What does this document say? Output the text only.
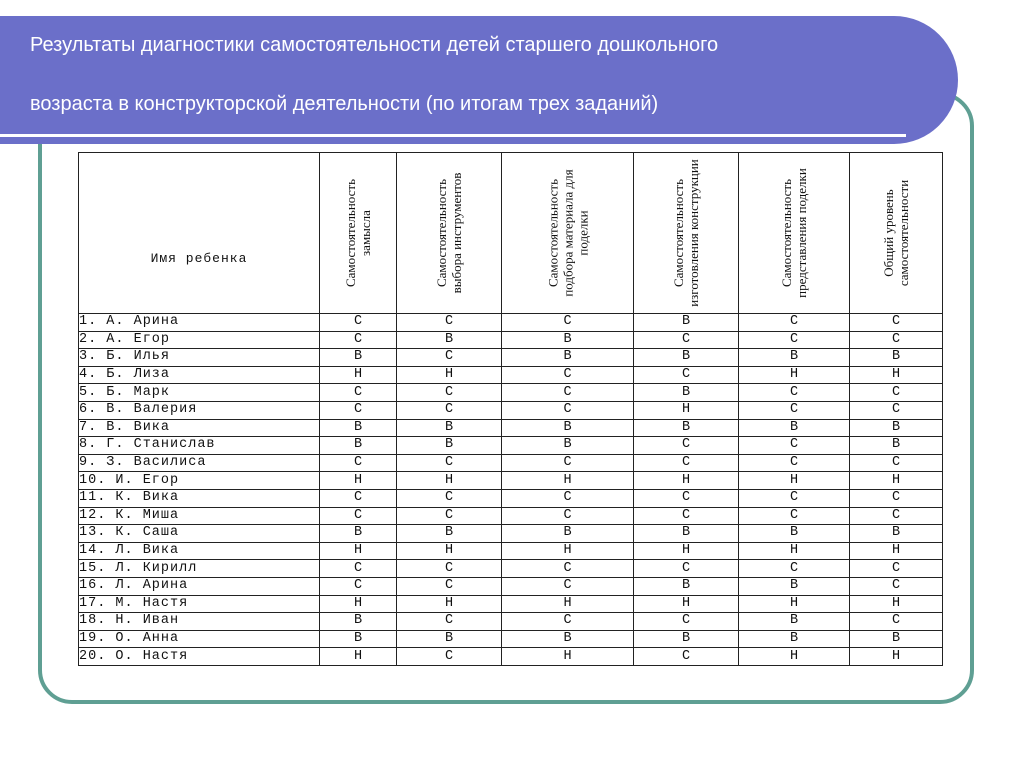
Результаты диагностики самостоятельности детей старшего дошкольного
возраста в конструкторской деятельности (по итогам трех заданий)
Имя ребенка	Самостоятельность замысла	Самостоятельность выбора инструментов	Самостоятельность подбора материала для поделки	Самостоятельность изготовления конструкции	Самостоятельность представления поделки	Общий уровень самостоятельности

1. А. Арина	С	С	С	В	С	С
2. А. Егор	С	В	В	С	С	С
3. Б. Илья	В	С	В	В	В	В
4. Б. Лиза	Н	Н	С	С	Н	Н
5. Б. Марк	С	С	С	В	С	С
6. В. Валерия	С	С	С	Н	С	С
7. В. Вика	В	В	В	В	В	В
8. Г. Станислав	В	В	В	С	С	В
9. З. Василиса	С	С	С	С	С	С
10. И. Егор	Н	Н	Н	Н	Н	Н
11. К. Вика	С	С	С	С	С	С
12. К. Миша	С	С	С	С	С	С
13. К. Саша	В	В	В	В	В	В
14. Л. Вика	Н	Н	Н	Н	Н	Н
15. Л. Кирилл	С	С	С	С	С	С
16. Л. Арина	С	С	С	В	В	С
17. М. Настя	Н	Н	Н	Н	Н	Н
18. Н. Иван	В	С	С	С	В	С
19. О. Анна	В	В	В	В	В	В
20. О. Настя	Н	С	Н	С	Н	Н
